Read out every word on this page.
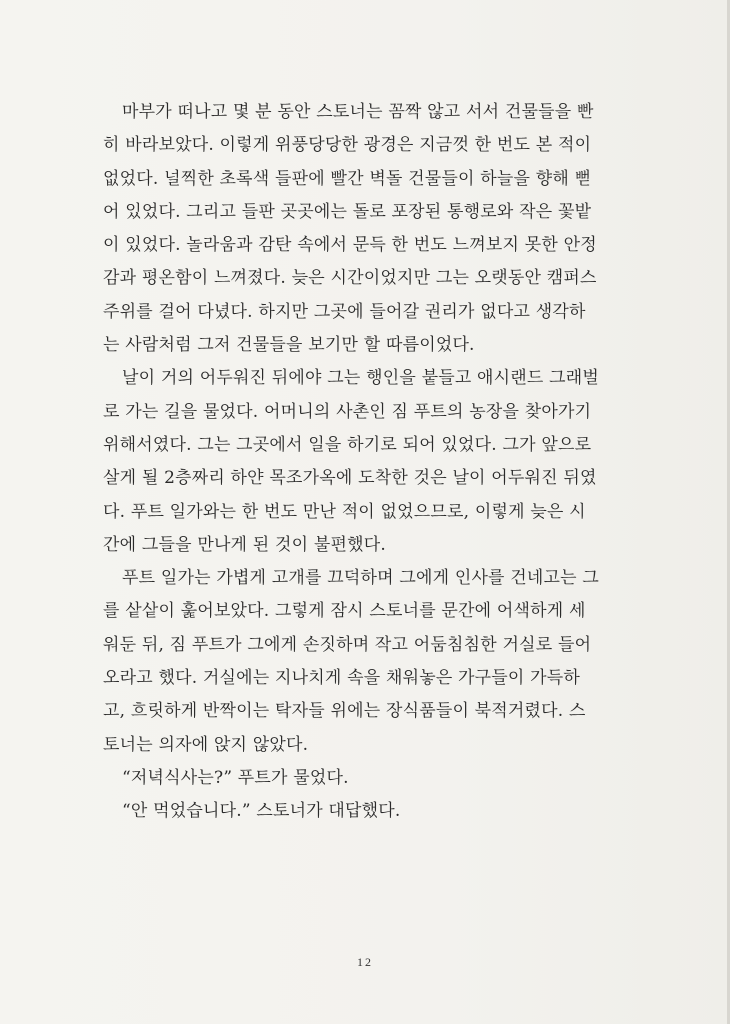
마부가 떠나고 몇 분 동안 스토너는 꼼짝 않고 서서 건물들을 빤
히 바라보았다. 이렇게 위풍당당한 광경은 지금껏 한 번도 본 적이
없었다. 널찍한 초록색 들판에 빨간 벽돌 건물들이 하늘을 향해 뻗
어 있었다. 그리고 들판 곳곳에는 돌로 포장된 통행로와 작은 꽃밭
이 있었다. 놀라움과 감탄 속에서 문득 한 번도 느껴보지 못한 안정
감과 평온함이 느껴졌다. 늦은 시간이었지만 그는 오랫동안 캠퍼스
주위를 걸어 다녔다. 하지만 그곳에 들어갈 권리가 없다고 생각하
는 사람처럼 그저 건물들을 보기만 할 따름이었다.
날이 거의 어두워진 뒤에야 그는 행인을 붙들고 애시랜드 그래벌
로 가는 길을 물었다. 어머니의 사촌인 짐 푸트의 농장을 찾아가기
위해서였다. 그는 그곳에서 일을 하기로 되어 있었다. 그가 앞으로
살게 될 2층짜리 하얀 목조가옥에 도착한 것은 날이 어두워진 뒤였
다. 푸트 일가와는 한 번도 만난 적이 없었으므로, 이렇게 늦은 시
간에 그들을 만나게 된 것이 불편했다.
푸트 일가는 가볍게 고개를 끄덕하며 그에게 인사를 건네고는 그
를 샅샅이 훑어보았다. 그렇게 잠시 스토너를 문간에 어색하게 세
워둔 뒤, 짐 푸트가 그에게 손짓하며 작고 어둠침침한 거실로 들어
오라고 했다. 거실에는 지나치게 속을 채워놓은 가구들이 가득하
고, 흐릿하게 반짝이는 탁자들 위에는 장식품들이 북적거렸다. 스
토너는 의자에 앉지 않았다.
“저녁식사는?” 푸트가 물었다.
“안 먹었습니다.” 스토너가 대답했다.
12
